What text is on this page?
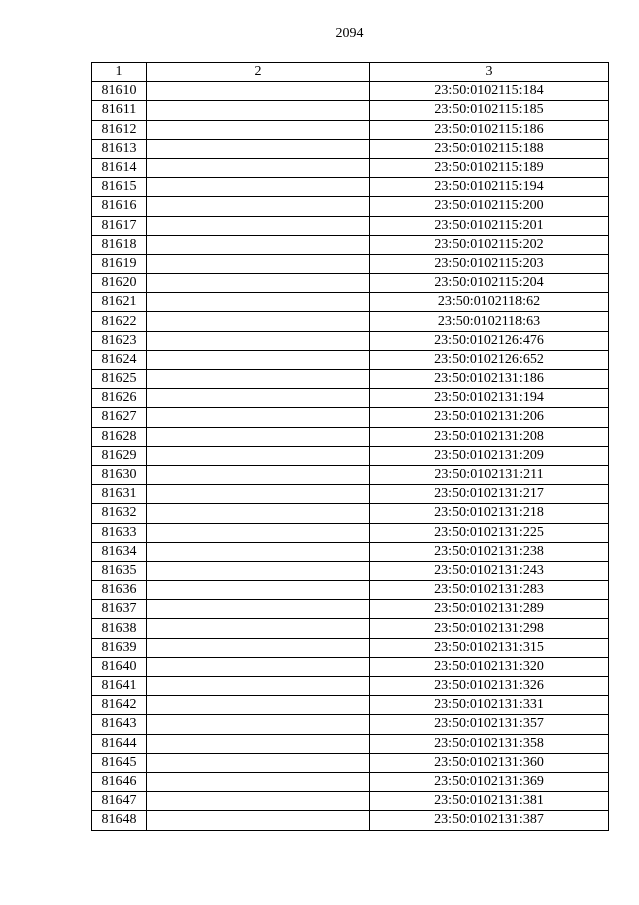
2094
1	2	3
81610		23:50:0102115:184
81611		23:50:0102115:185
81612		23:50:0102115:186
81613		23:50:0102115:188
81614		23:50:0102115:189
81615		23:50:0102115:194
81616		23:50:0102115:200
81617		23:50:0102115:201
81618		23:50:0102115:202
81619		23:50:0102115:203
81620		23:50:0102115:204
81621		23:50:0102118:62
81622		23:50:0102118:63
81623		23:50:0102126:476
81624		23:50:0102126:652
81625		23:50:0102131:186
81626		23:50:0102131:194
81627		23:50:0102131:206
81628		23:50:0102131:208
81629		23:50:0102131:209
81630		23:50:0102131:211
81631		23:50:0102131:217
81632		23:50:0102131:218
81633		23:50:0102131:225
81634		23:50:0102131:238
81635		23:50:0102131:243
81636		23:50:0102131:283
81637		23:50:0102131:289
81638		23:50:0102131:298
81639		23:50:0102131:315
81640		23:50:0102131:320
81641		23:50:0102131:326
81642		23:50:0102131:331
81643		23:50:0102131:357
81644		23:50:0102131:358
81645		23:50:0102131:360
81646		23:50:0102131:369
81647		23:50:0102131:381
81648		23:50:0102131:387
